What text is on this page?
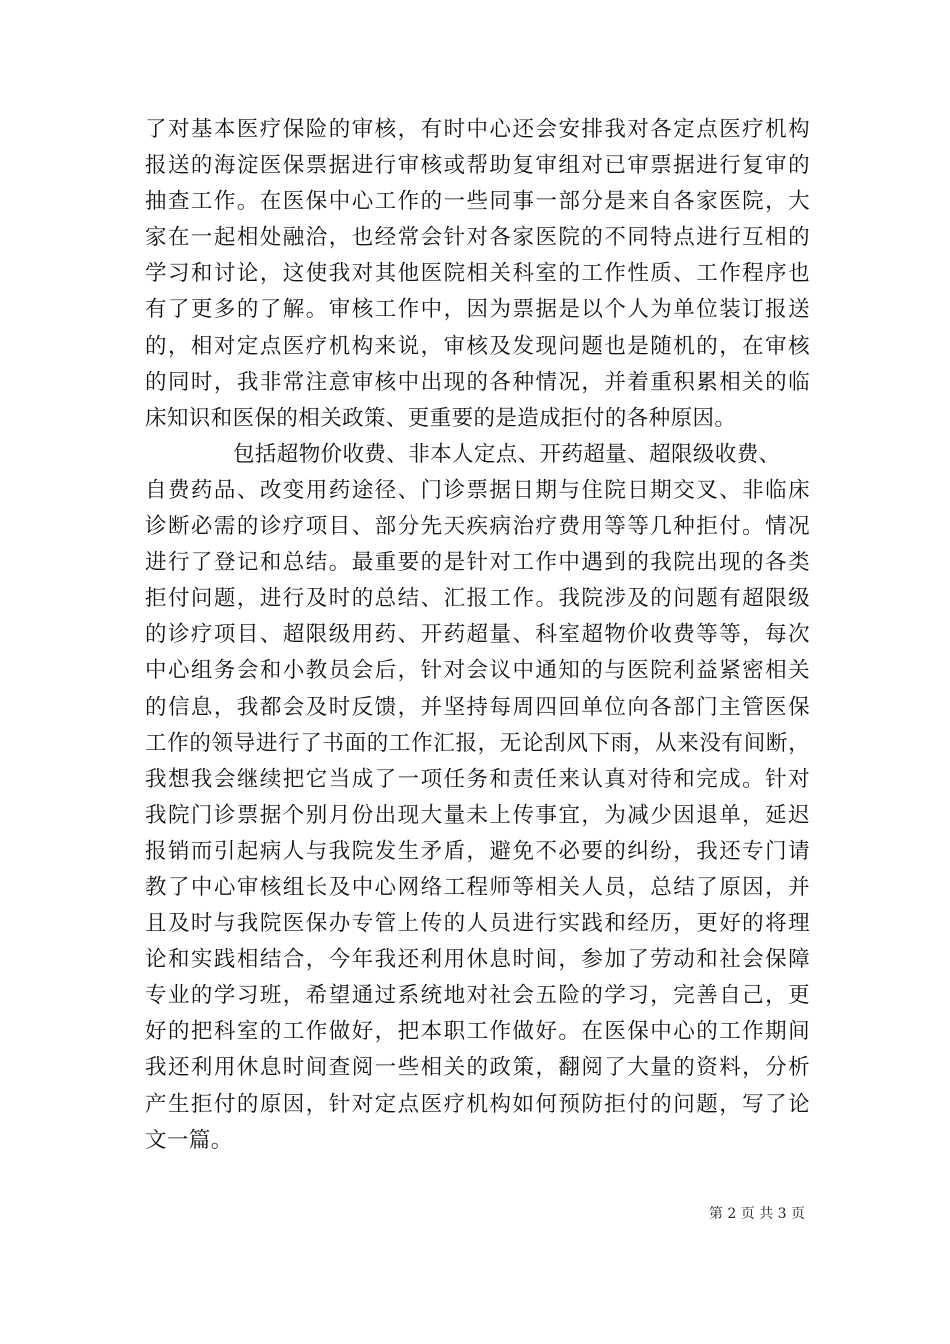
了对基本医疗保险的审核，有时中心还会安排我对各定点医疗机构
报送的海淀医保票据进行审核或帮助复审组对已审票据进行复审的
抽查工作。在医保中心工作的一些同事一部分是来自各家医院，大
家在一起相处融洽，也经常会针对各家医院的不同特点进行互相的
学习和讨论，这使我对其他医院相关科室的工作性质、工作程序也
有了更多的了解。审核工作中，因为票据是以个人为单位装订报送
的，相对定点医疗机构来说，审核及发现问题也是随机的，在审核
的同时，我非常注意审核中出现的各种情况，并着重积累相关的临
床知识和医保的相关政策、更重要的是造成拒付的各种原因。
包括超物价收费、非本人定点、开药超量、超限级收费、
自费药品、改变用药途径、门诊票据日期与住院日期交叉、非临床
诊断必需的诊疗项目、部分先天疾病治疗费用等等几种拒付。情况
进行了登记和总结。最重要的是针对工作中遇到的我院出现的各类
拒付问题，进行及时的总结、汇报工作。我院涉及的问题有超限级
的诊疗项目、超限级用药、开药超量、科室超物价收费等等，每次
中心组务会和小教员会后，针对会议中通知的与医院利益紧密相关
的信息，我都会及时反馈，并坚持每周四回单位向各部门主管医保
工作的领导进行了书面的工作汇报，无论刮风下雨，从来没有间断，
我想我会继续把它当成了一项任务和责任来认真对待和完成。针对
我院门诊票据个别月份出现大量未上传事宜，为减少因退单，延迟
报销而引起病人与我院发生矛盾，避免不必要的纠纷，我还专门请
教了中心审核组长及中心网络工程师等相关人员，总结了原因，并
且及时与我院医保办专管上传的人员进行实践和经历，更好的将理
论和实践相结合，今年我还利用休息时间，参加了劳动和社会保障
专业的学习班，希望通过系统地对社会五险的学习，完善自己，更
好的把科室的工作做好，把本职工作做好。在医保中心的工作期间
我还利用休息时间查阅一些相关的政策，翻阅了大量的资料，分析
产生拒付的原因，针对定点医疗机构如何预防拒付的问题，写了论
文一篇。
第 2 页 共 3 页
